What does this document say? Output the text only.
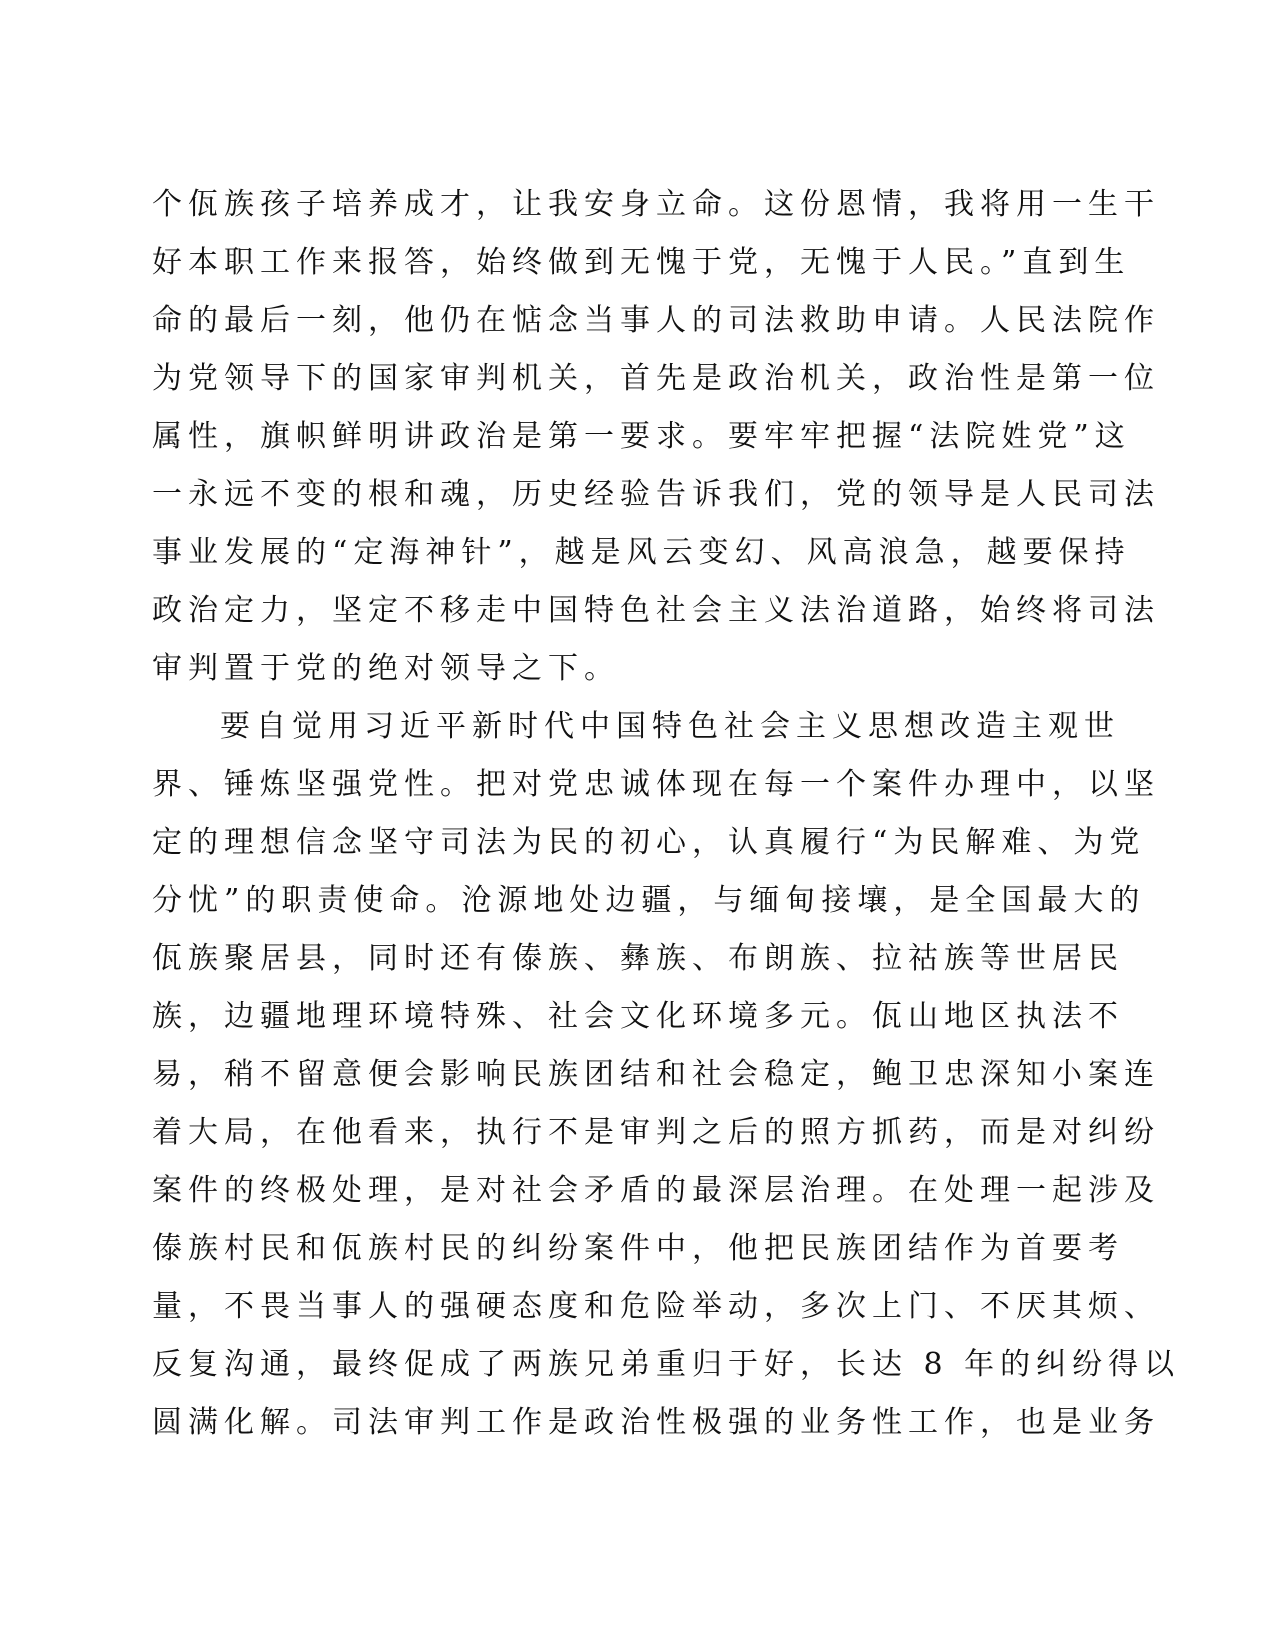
个佤族孩子培养成才，让我安身立命。这份恩情，我将用一生干
好本职工作来报答，始终做到无愧于党，无愧于人民。”直到生
命的最后一刻，他仍在惦念当事人的司法救助申请。人民法院作
为党领导下的国家审判机关，首先是政治机关，政治性是第一位
属性，旗帜鲜明讲政治是第一要求。要牢牢把握“法院姓党”这
一永远不变的根和魂，历史经验告诉我们，党的领导是人民司法
事业发展的“定海神针”，越是风云变幻、风高浪急，越要保持
政治定力，坚定不移走中国特色社会主义法治道路，始终将司法
审判置于党的绝对领导之下。
要自觉用习近平新时代中国特色社会主义思想改造主观世
界、锤炼坚强党性。把对党忠诚体现在每一个案件办理中，以坚
定的理想信念坚守司法为民的初心，认真履行“为民解难、为党
分忧”的职责使命。沧源地处边疆，与缅甸接壤，是全国最大的
佤族聚居县，同时还有傣族、彝族、布朗族、拉祜族等世居民
族，边疆地理环境特殊、社会文化环境多元。佤山地区执法不
易，稍不留意便会影响民族团结和社会稳定，鲍卫忠深知小案连
着大局，在他看来，执行不是审判之后的照方抓药，而是对纠纷
案件的终极处理，是对社会矛盾的最深层治理。在处理一起涉及
傣族村民和佤族村民的纠纷案件中，他把民族团结作为首要考
量，不畏当事人的强硬态度和危险举动，多次上门、不厌其烦、
反复沟通，最终促成了两族兄弟重归于好，长达 8 年的纠纷得以
圆满化解。司法审判工作是政治性极强的业务性工作，也是业务
